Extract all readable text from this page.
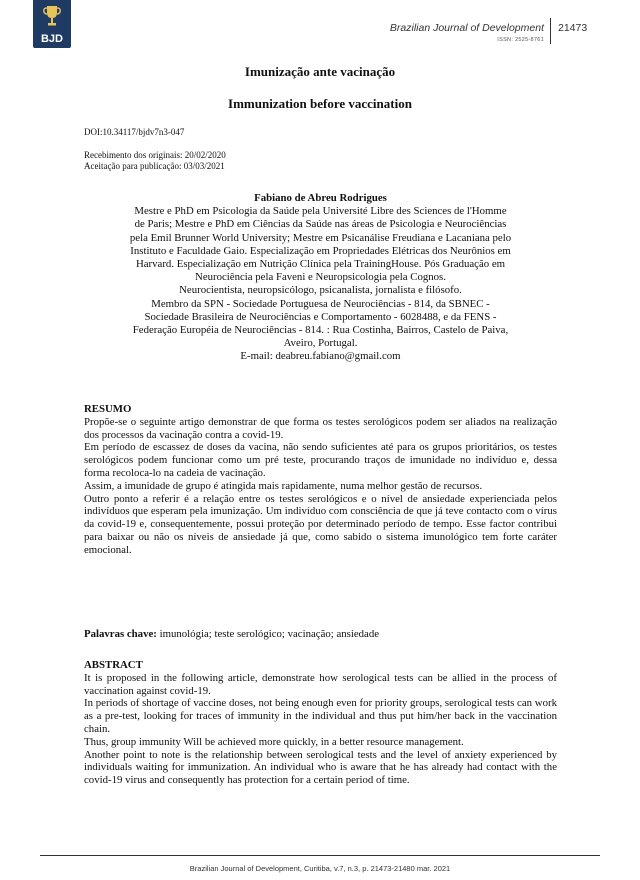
BJD
Brazilian Journal of Development
ISSN: 2525-8761
21473
Imunização ante vacinação
Immunization before vaccination
DOI:10.34117/bjdv7n3-047
Recebimento dos originais: 20/02/2020
Aceitação para publicação: 03/03/2021
Fabiano de Abreu Rodrigues
Mestre e PhD em Psicologia da Saúde pela Université Libre des Sciences de l'Homme
de Paris; Mestre e PhD em Ciências da Saúde nas áreas de Psicologia e Neurociências
pela Emil Brunner World University; Mestre em Psicanálise Freudiana e Lacaniana pelo
Instituto e Faculdade Gaio. Especialização em Propriedades Elétricas dos Neurônios em
Harvard. Especialização em Nutrição Clínica pela TrainingHouse. Pós Graduação em
Neurociência pela Faveni e Neuropsicologia pela Cognos.
Neurocientista, neuropsicólogo, psicanalista, jornalista e filósofo.
Membro da SPN - Sociedade Portuguesa de Neurociências - 814, da SBNEC -
Sociedade Brasileira de Neurociências e Comportamento - 6028488, e da FENS -
Federação Européia de Neurociências - 814. : Rua Costinha, Bairros, Castelo de Paiva,
Aveiro, Portugal.
E-mail: deabreu.fabiano@gmail.com

RESUMO

Propõe-se o seguinte artigo demonstrar de que forma os testes serológicos podem ser aliados na realização dos processos da vacinação contra a covid-19.

Em período de escassez de doses da vacina, não sendo suficientes até para os grupos prioritários, os testes serológicos podem funcionar como um pré teste, procurando traços de imunidade no indivíduo e, dessa forma recoloca-lo na cadeia de vacinação.

Assim, a imunidade de grupo é atingida mais rapidamente, numa melhor gestão de recursos.

Outro ponto a referir é a relação entre os testes serológicos e o nível de ansiedade experienciada pelos indivíduos que esperam pela imunização. Um indivíduo com consciência de que já teve contacto com o vírus da covid-19 e, consequentemente, possui proteção por determinado período de tempo. Esse factor contribui para baixar ou não os níveis de ansiedade já que, como sabido o sistema imunológico tem forte caráter emocional.

Palavras chave: imunológia; teste serológico; vacinação; ansiedade

ABSTRACT

It is proposed in the following article, demonstrate how serological tests can be allied in the process of vaccination against covid-19.

In periods of shortage of vaccine doses, not being enough even for priority groups, serological tests can work as a pre-test, looking for traces of immunity in the individual and thus put him/her back in the vaccination chain.

Thus, group immunity Will be achieved more quickly, in a better resource management.

Another point to note is the relationship between serological tests and the level of anxiety experienced by individuals waiting for immunization. An individual who is aware that he has already had contact with the covid-19 virus and consequently has protection for a certain period of time.

Brazilian Journal of Development, Curitiba, v.7, n.3, p. 21473-21480 mar. 2021
